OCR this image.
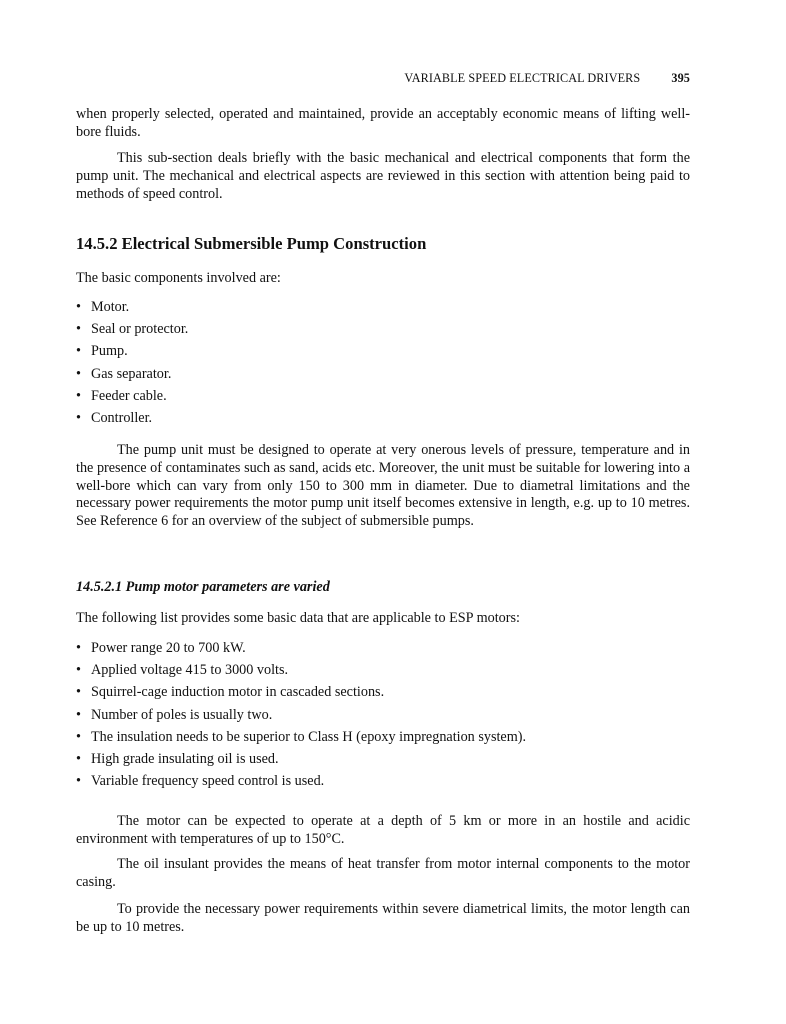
VARIABLE SPEED ELECTRICAL DRIVERS	395

when properly selected, operated and maintained, provide an acceptably economic means of lifting well-bore fluids.

This sub-section deals briefly with the basic mechanical and electrical components that form the pump unit. The mechanical and electrical aspects are reviewed in this section with attention being paid to methods of speed control.

14.5.2 Electrical Submersible Pump Construction

The basic components involved are:

• Motor.
• Seal or protector.
• Pump.
• Gas separator.
• Feeder cable.
• Controller.

The pump unit must be designed to operate at very onerous levels of pressure, temperature and in the presence of contaminates such as sand, acids etc. Moreover, the unit must be suitable for lowering into a well-bore which can vary from only 150 to 300 mm in diameter. Due to diametral limitations and the necessary power requirements the motor pump unit itself becomes extensive in length, e.g. up to 10 metres. See Reference 6 for an overview of the subject of submersible pumps.

14.5.2.1 Pump motor parameters are varied

The following list provides some basic data that are applicable to ESP motors:

• Power range 20 to 700 kW.
• Applied voltage 415 to 3000 volts.
• Squirrel-cage induction motor in cascaded sections.
• Number of poles is usually two.
• The insulation needs to be superior to Class H (epoxy impregnation system).
• High grade insulating oil is used.
• Variable frequency speed control is used.

The motor can be expected to operate at a depth of 5 km or more in an hostile and acidic environment with temperatures of up to 150°C.

The oil insulant provides the means of heat transfer from motor internal components to the motor casing.

To provide the necessary power requirements within severe diametrical limits, the motor length can be up to 10 metres.
